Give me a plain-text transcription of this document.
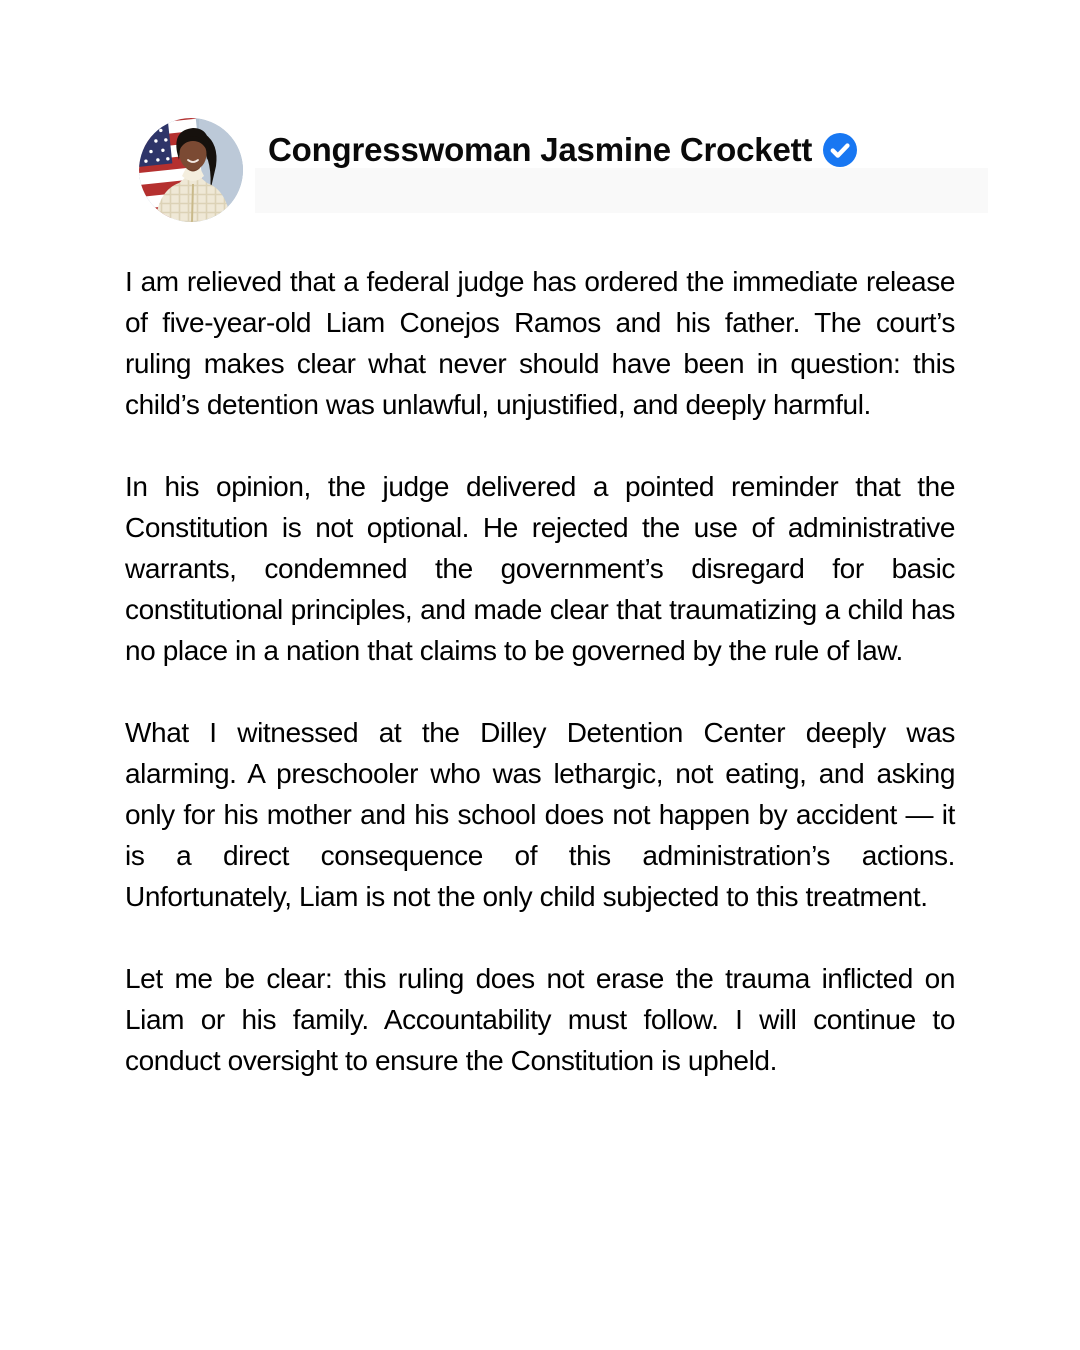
Congresswoman Jasmine Crockett

I am relieved that a federal judge has ordered the immediate release of five-year-old Liam Conejos Ramos and his father. The court’s ruling makes clear what never should have been in question: this child’s detention was unlawful, unjustified, and deeply harmful.

In his opinion, the judge delivered a pointed reminder that the Constitution is not optional. He rejected the use of administrative warrants, condemned the government’s disregard for basic constitutional principles, and made clear that traumatizing a child has no place in a nation that claims to be governed by the rule of law.

What I witnessed at the Dilley Detention Center deeply was alarming. A preschooler who was lethargic, not eating, and asking only for his mother and his school does not happen by accident — it is a direct consequence of this administration’s actions. Unfortunately, Liam is not the only child subjected to this treatment.

Let me be clear: this ruling does not erase the trauma inflicted on Liam or his family. Accountability must follow. I will continue to conduct oversight to ensure the Constitution is upheld.
